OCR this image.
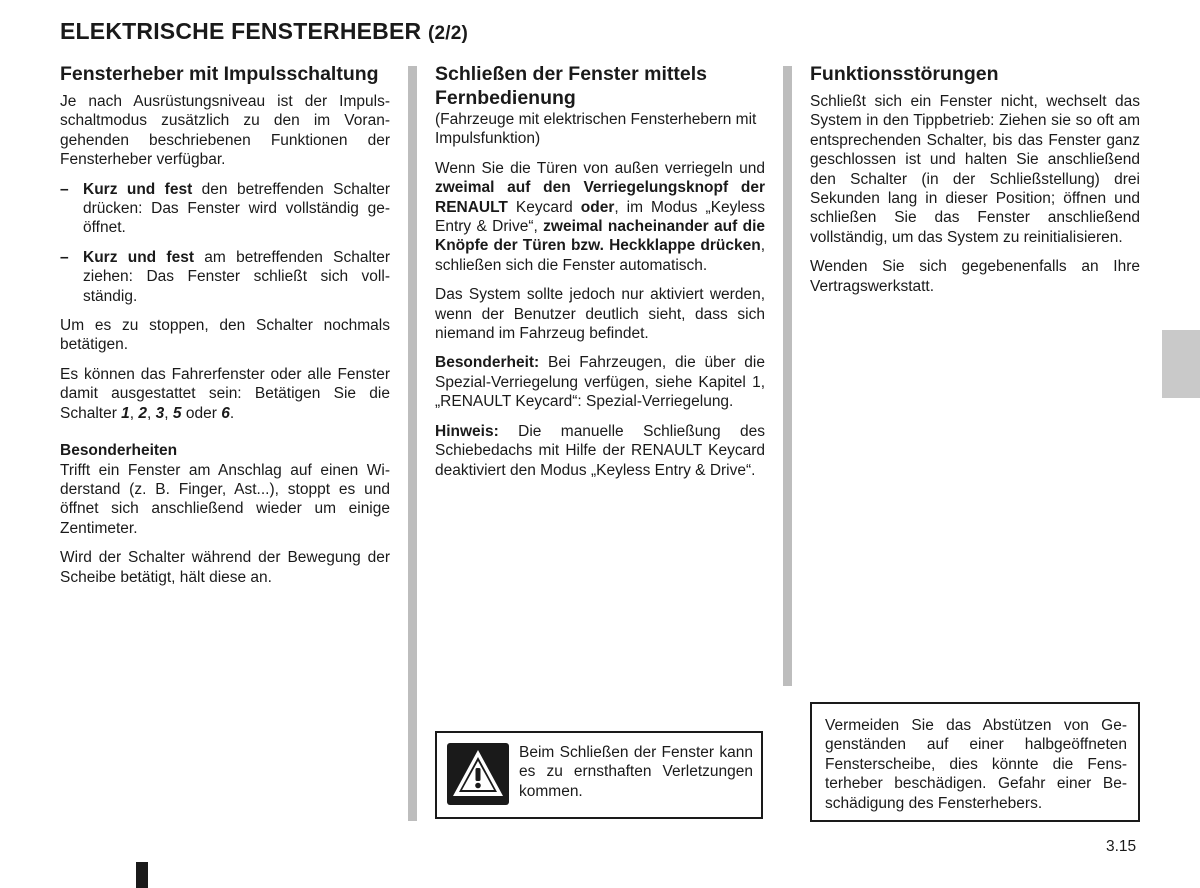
ELEKTRISCHE FENSTERHEBER (2/2)
Fensterheber mit Impulsschaltung

Je nach Ausrüstungsniveau ist der Impulsschaltmodus zusätzlich zu den im Vorangehenden beschriebenen Funktionen der Fensterheber verfügbar.

– Kurz und fest den betreffenden Schalter drücken: Das Fenster wird vollständig geöffnet.

– Kurz und fest am betreffenden Schalter ziehen: Das Fenster schließt sich vollständig.

Um es zu stoppen, den Schalter nochmals betätigen.

Es können das Fahrerfenster oder alle Fenster damit ausgestattet sein: Betätigen Sie die Schalter 1, 2, 3, 5 oder 6.

Besonderheiten

Trifft ein Fenster am Anschlag auf einen Widerstand (z. B. Finger, Ast...), stoppt es und öffnet sich anschließend wieder um einige Zentimeter.

Wird der Schalter während der Bewegung der Scheibe betätigt, hält diese an.

Schließen der Fenster mittels Fernbedienung

(Fahrzeuge mit elektrischen Fensterhebern mit Impulsfunktion)

Wenn Sie die Türen von außen verriegeln und zweimal auf den Verriegelungsknopf der RENAULT Keycard oder, im Modus „Keyless Entry & Drive“, zweimal nacheinander auf die Knöpfe der Türen bzw. Heckklappe drücken, schließen sich die Fenster automatisch.

Das System sollte jedoch nur aktiviert werden, wenn der Benutzer deutlich sieht, dass sich niemand im Fahrzeug befindet.

Besonderheit: Bei Fahrzeugen, die über die Spezial-Verriegelung verfügen, siehe Kapitel 1, „RENAULT Keycard“: Spezial-Verriegelung.

Hinweis: Die manuelle Schließung des Schiebedachs mit Hilfe der RENAULT Keycard deaktiviert den Modus „Keyless Entry & Drive“.

Funktionsstörungen

Schließt sich ein Fenster nicht, wechselt das System in den Tippbetrieb: Ziehen sie so oft am entsprechenden Schalter, bis das Fenster ganz geschlossen ist und halten Sie anschließend den Schalter (in der Schließstellung) drei Sekunden lang in dieser Position; öffnen und schließen Sie das Fenster anschließend vollständig, um das System zu reinitialisieren.

Wenden Sie sich gegebenenfalls an Ihre Vertragswerkstatt.

Beim Schließen der Fenster kann es zu ernsthaften Verletzungen kommen.

Vermeiden Sie das Abstützen von Gegenständen auf einer halbgeöffneten Fensterscheibe, dies könnte die Fensterheber beschädigen. Gefahr einer Beschädigung des Fensterhebers.

3.15
